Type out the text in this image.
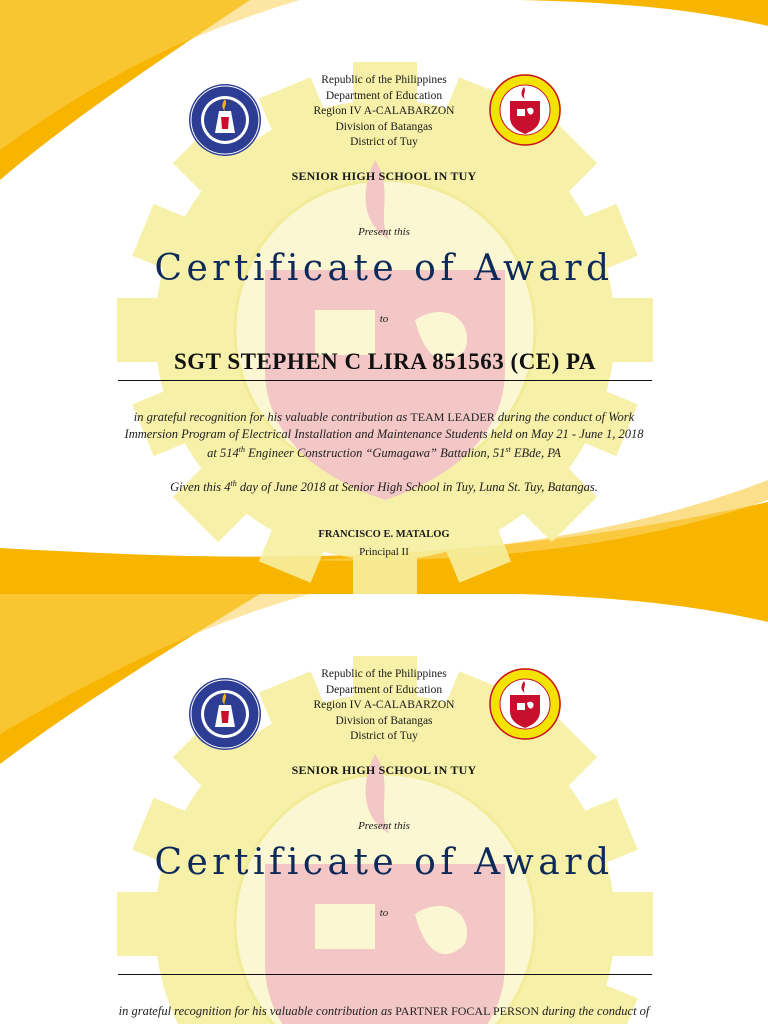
Republic of the Philippines
Department of Education
Region IV A-CALABARZON
Division of Batangas
District of Tuy
SENIOR HIGH SCHOOL IN TUY
Present this
Certificate of Award
to
SGT STEPHEN C LIRA 851563 (CE) PA
in grateful recognition for his valuable contribution as TEAM LEADER during the conduct of Work
Immersion Program of Electrical Installation and Maintenance Students held on May 21 - June 1, 2018
at 514th Engineer Construction “Gumagawa” Battalion, 51st EBde, PA
Given this 4th day of June 2018 at Senior High School in Tuy, Luna St. Tuy, Batangas.
FRANCISCO E. MATALOG
Principal II
Republic of the Philippines
Department of Education
Region IV A-CALABARZON
Division of Batangas
District of Tuy
SENIOR HIGH SCHOOL IN TUY
Present this
Certificate of Award
to
in grateful recognition for his valuable contribution as PARTNER FOCAL PERSON during the conduct of
